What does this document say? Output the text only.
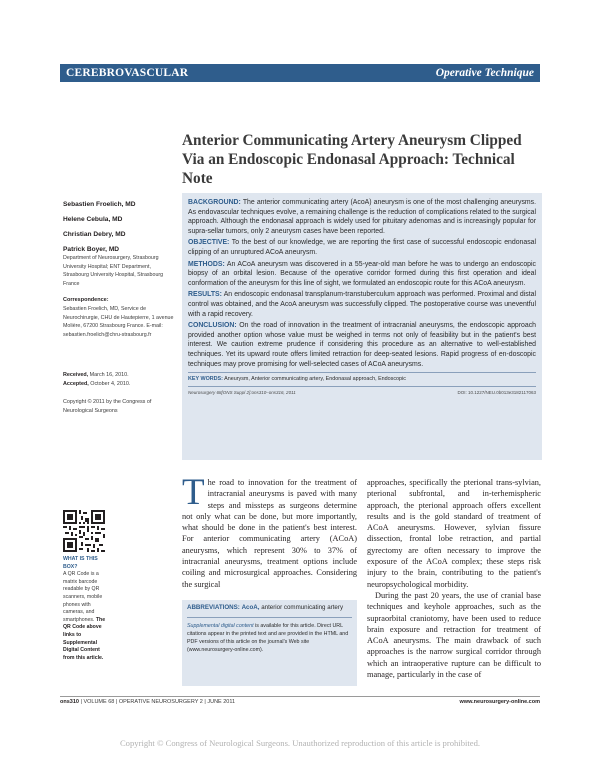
CEREBROVASCULAR	Operative Technique
Anterior Communicating Artery Aneurysm Clipped Via an Endoscopic Endonasal Approach: Technical Note
Sebastien Froelich, MD
Helene Cebula, MD
Christian Debry, MD
Patrick Boyer, MD
Department of Neurosurgery, Strasbourg University Hospital; ENT Department, Strasbourg University Hospital, Strasbourg France
Correspondence:
Sebastien Froelich, MD, Service de Neurochirurgie, CHU de Hautepierre, 1 avenue Molière, 67200 Strasbourg France. E-mail: sebastien.froelich@chru-strasbourg.fr
Received, March 16, 2010.
Accepted, October 4, 2010.
Copyright © 2011 by the Congress of Neurological Surgeons

BACKGROUND: The anterior communicating artery (AcoA) aneurysm is one of the most challenging aneurysms. As endovascular techniques evolve, a remaining challenge is the reduction of complications related to the surgical approach. Although the endonasal approach is widely used for pituitary adenomas and is increasingly popular for supra-sellar tumors, only 2 aneurysm cases have been reported.

OBJECTIVE: To the best of our knowledge, we are reporting the first case of successful endoscopic endonasal clipping of an unruptured ACoA aneurysm.

METHODS: An ACoA aneurysm was discovered in a 55-year-old man before he was to undergo an endoscopic biopsy of an orbital lesion. Because of the operative corridor formed during this first operation and ideal conformation of the aneurysm for this line of sight, we formulated an endoscopic route for this ACoA aneurysm.

RESULTS: An endoscopic endonasal transplanum-transtuberculum approach was performed. Proximal and distal control was obtained, and the AcoA aneurysm was successfully clipped. The postoperative course was uneventful with a rapid recovery.

CONCLUSION: On the road of innovation in the treatment of intracranial aneurysms, the endoscopic approach provided another option whose value must be weighed in terms not only of feasibility but in the patient's best interest. We caution extreme prudence if considering this procedure as an alternative to well-established techniques. Yet its upward route offers limited retraction for deep-seated lesions. Rapid progress of en-doscopic techniques may prove promising for well-selected cases of ACoA aneurysms.

KEY WORDS: Aneurysm, Anterior communicating artery, Endonasal approach, Endoscopic
Neurosurgery 68[ONS Suppl 2]:ons310–ons316, 2011	DOI: 10.1227/NEU.0b013e3182117063
WHAT IS THIS BOX?
A QR Code is a matrix barcode readable by QR scanners, mobile phones with cameras, and smartphones. The QR Code above links to Supplemental Digital Content from this article.
The road to innovation for the treatment of intracranial aneurysms is paved with many steps and missteps as surgeons determine not only what can be done, but more importantly, what should be done in the patient's best interest. For anterior communicating artery (ACoA) aneurysms, which represent 30% to 37% of intracranial aneurysms, treatment options include coiling and microsurgical approaches. Considering the surgical
ABBREVIATIONS: AcoA, anterior communicating artery
Supplemental digital content is available for this article. Direct URL citations appear in the printed text and are provided in the HTML and PDF versions of this article on the journal's Web site (www.neurosurgery-online.com).

approaches, specifically the pterional trans-sylvian, pterional subfrontal, and in-terhemispheric approach, the pterional approach offers excellent results and is the gold standard of treatment of ACoA aneurysms. However, sylvian fissure dissection, frontal lobe retraction, and partial gyrectomy are often necessary to improve the exposure of the ACoA complex; these steps risk injury to the brain, contributing to the patient's neuropsychological morbidity.

During the past 20 years, the use of cranial base techniques and keyhole approaches, such as the supraorbital craniotomy, have been used to reduce brain exposure and retraction for treatment of ACoA aneurysms. The main drawback of such approaches is the narrow surgical corridor through which an intraoperative rupture can be difficult to manage, particularly in the case of

ons310 | VOLUME 68 | OPERATIVE NEUROSURGERY 2 | JUNE 2011	www.neurosurgery-online.com
Copyright © Congress of Neurological Surgeons. Unauthorized reproduction of this article is prohibited.
